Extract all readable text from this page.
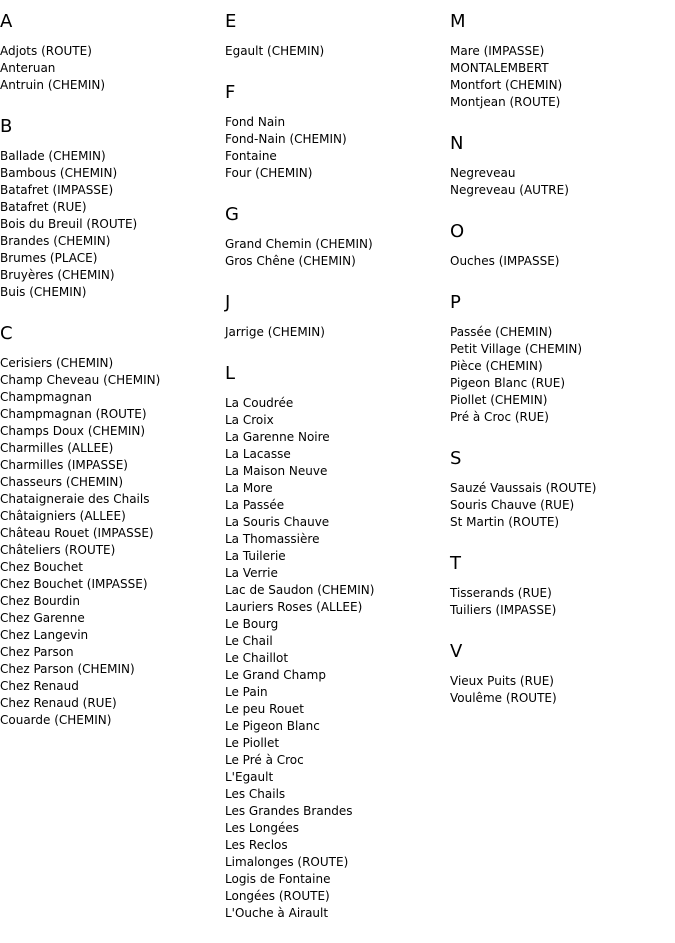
A
Adjots (ROUTE)
Anteruan
Antruin (CHEMIN)
B
Ballade (CHEMIN)
Bambous (CHEMIN)
Batafret (IMPASSE)
Batafret (RUE)
Bois du Breuil (ROUTE)
Brandes (CHEMIN)
Brumes (PLACE)
Bruyères (CHEMIN)
Buis (CHEMIN)
C
Cerisiers (CHEMIN)
Champ Cheveau (CHEMIN)
Champmagnan
Champmagnan (ROUTE)
Champs Doux (CHEMIN)
Charmilles (ALLEE)
Charmilles (IMPASSE)
Chasseurs (CHEMIN)
Chataigneraie des Chails
Châtaigniers (ALLEE)
Château Rouet (IMPASSE)
Châteliers (ROUTE)
Chez Bouchet
Chez Bouchet (IMPASSE)
Chez Bourdin
Chez Garenne
Chez Langevin
Chez Parson
Chez Parson (CHEMIN)
Chez Renaud
Chez Renaud (RUE)
Couarde (CHEMIN)
E
Egault (CHEMIN)
F
Fond Nain
Fond-Nain (CHEMIN)
Fontaine
Four (CHEMIN)
G
Grand Chemin (CHEMIN)
Gros Chêne (CHEMIN)
J
Jarrige (CHEMIN)
L
La Coudrée
La Croix
La Garenne Noire
La Lacasse
La Maison Neuve
La More
La Passée
La Souris Chauve
La Thomassière
La Tuilerie
La Verrie
Lac de Saudon (CHEMIN)
Lauriers Roses (ALLEE)
Le Bourg
Le Chail
Le Chaillot
Le Grand Champ
Le Pain
Le peu Rouet
Le Pigeon Blanc
Le Piollet
Le Pré à Croc
L'Egault
Les Chails
Les Grandes Brandes
Les Longées
Les Reclos
Limalonges (ROUTE)
Logis de Fontaine
Longées (ROUTE)
L'Ouche à Airault
M
Mare (IMPASSE)
MONTALEMBERT
Montfort (CHEMIN)
Montjean (ROUTE)
N
Negreveau
Negreveau (AUTRE)
O
Ouches (IMPASSE)
P
Passée (CHEMIN)
Petit Village (CHEMIN)
Pièce (CHEMIN)
Pigeon Blanc (RUE)
Piollet (CHEMIN)
Pré à Croc (RUE)
S
Sauzé Vaussais (ROUTE)
Souris Chauve (RUE)
St Martin (ROUTE)
T
Tisserands (RUE)
Tuiliers (IMPASSE)
V
Vieux Puits (RUE)
Voulême (ROUTE)
